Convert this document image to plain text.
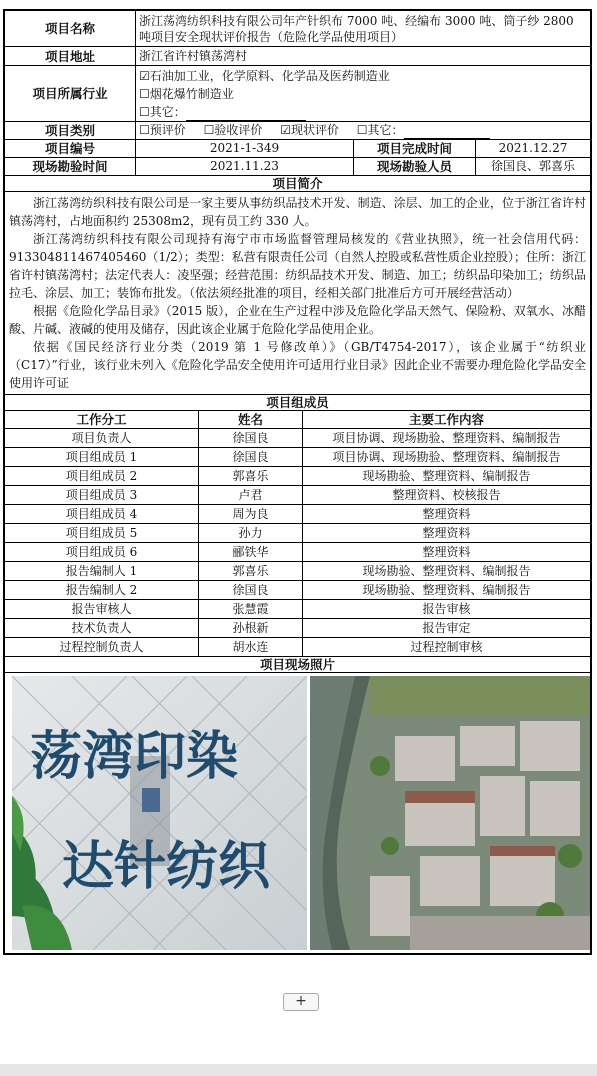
项目名称	浙江荡湾纺织科技有限公司年产针织布 7000 吨、经编布 3000 吨、筒子纱 2800 吨项目安全现状评价报告（危险化学品使用项目）		
项目地址	浙江省许村镇荡湾村		
项目所属行业	☑石油加工业，化学原料、化学品及医药制造业
☐烟花爆竹制造业
☐其它：		

项目类别	☐预评价 ☐验收评价 ☑现状评价 ☐其它：		
项目编号	2021-1-349	项目完成时间	2021.12.27
现场勘验时间	2021.11.23	现场勘验人员	徐国良、郭喜乐
项目简介			

浙江荡湾纺织科技有限公司是一家主要从事纺织品技术开发、制造、涂层、加工的企业，位于浙江省许村镇荡湾村，占地面积约 25308m2，现有员工约 330 人。

浙江荡湾纺织科技有限公司现持有海宁市市场监督管理局核发的《营业执照》，统一社会信用代码：913304811467405460（1/2）；类型：私营有限责任公司（自然人控股或私营性质企业控股）；住所：浙江省许村镇荡湾村；法定代表人：凌坚强；经营范围：纺织品技术开发、制造、加工；纺织品印染加工；纺织品拉毛、涂层、加工；装饰布批发。（依法须经批准的项目，经相关部门批准后方可开展经营活动）

根据《危险化学品目录》（2015 版），企业在生产过程中涉及危险化学品天然气、保险粉、双氧水、冰醋酸、片碱、液碱的使用及储存，因此该企业属于危险化学品使用企业。

依据《国民经济行业分类（2019 第 1 号修改单）》（GB/T4754-2017），该企业属于“纺织业（C17）”行业，该行业未列入《危险化学品安全使用许可适用行业目录》因此企业不需要办理危险化学品安全使用许可证			

项目组成员			
工作分工	姓名	主要工作内容
项目负责人	徐国良	项目协调、现场勘验、整理资料、编制报告
项目组成员 1	徐国良	项目协调、现场勘验、整理资料、编制报告
项目组成员 2	郭喜乐	现场勘验、整理资料、编制报告
项目组成员 3	卢君	整理资料、校核报告
项目组成员 4	周为良	整理资料
项目组成员 5	孙力	整理资料
项目组成员 6	郦铁华	整理资料
报告编制人 1	郭喜乐	现场勘验、整理资料、编制报告
报告编制人 2	徐国良	现场勘验、整理资料、编制报告
报告审核人	张慧霞	报告审核
技术负责人	孙根新	报告审定
过程控制负责人	胡水连	过程控制审核
项目现场照片		

荡湾印染
达针纺织		
+
